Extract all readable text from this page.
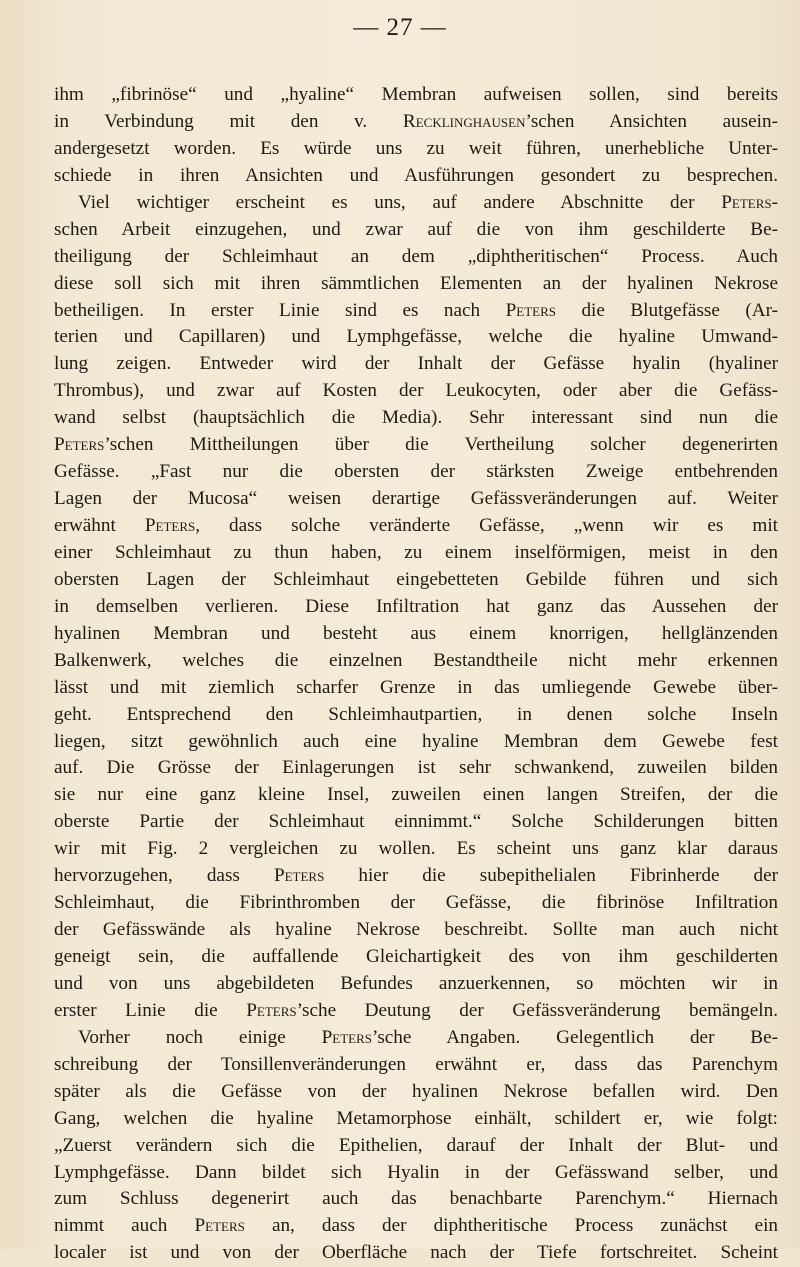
— 27 —
ihm „fibrinöse“ und „hyaline“ Membran aufweisen sollen, sind bereits
in Verbindung mit den v. Recklinghausen’schen Ansichten ausein-
andergesetzt worden. Es würde uns zu weit führen, unerhebliche Unter-
schiede in ihren Ansichten und Ausführungen gesondert zu besprechen.
Viel wichtiger erscheint es uns, auf andere Abschnitte der Peters-
schen Arbeit einzugehen, und zwar auf die von ihm geschilderte Be-
theiligung der Schleimhaut an dem „diphtheritischen“ Process. Auch
diese soll sich mit ihren sämmtlichen Elementen an der hyalinen Nekrose
betheiligen. In erster Linie sind es nach Peters die Blutgefässe (Ar-
terien und Capillaren) und Lymphgefässe, welche die hyaline Umwand-
lung zeigen. Entweder wird der Inhalt der Gefässe hyalin (hyaliner
Thrombus), und zwar auf Kosten der Leukocyten, oder aber die Gefäss-
wand selbst (hauptsächlich die Media). Sehr interessant sind nun die
Peters’schen Mittheilungen über die Vertheilung solcher degenerirten
Gefässe. „Fast nur die obersten der stärksten Zweige entbehrenden
Lagen der Mucosa“ weisen derartige Gefässveränderungen auf. Weiter
erwähnt Peters, dass solche veränderte Gefässe, „wenn wir es mit
einer Schleimhaut zu thun haben, zu einem inselförmigen, meist in den
obersten Lagen der Schleimhaut eingebetteten Gebilde führen und sich
in demselben verlieren. Diese Infiltration hat ganz das Aussehen der
hyalinen Membran und besteht aus einem knorrigen, hellglänzenden
Balkenwerk, welches die einzelnen Bestandtheile nicht mehr erkennen
lässt und mit ziemlich scharfer Grenze in das umliegende Gewebe über-
geht. Entsprechend den Schleimhautpartien, in denen solche Inseln
liegen, sitzt gewöhnlich auch eine hyaline Membran dem Gewebe fest
auf. Die Grösse der Einlagerungen ist sehr schwankend, zuweilen bilden
sie nur eine ganz kleine Insel, zuweilen einen langen Streifen, der die
oberste Partie der Schleimhaut einnimmt.“ Solche Schilderungen bitten
wir mit Fig. 2 vergleichen zu wollen. Es scheint uns ganz klar daraus
hervorzugehen, dass Peters hier die subepithelialen Fibrinherde der
Schleimhaut, die Fibrinthromben der Gefässe, die fibrinöse Infiltration
der Gefässwände als hyaline Nekrose beschreibt. Sollte man auch nicht
geneigt sein, die auffallende Gleichartigkeit des von ihm geschilderten
und von uns abgebildeten Befundes anzuerkennen, so möchten wir in
erster Linie die Peters’sche Deutung der Gefässveränderung bemängeln.
Vorher noch einige Peters’sche Angaben. Gelegentlich der Be-
schreibung der Tonsillenveränderungen erwähnt er, dass das Parenchym
später als die Gefässe von der hyalinen Nekrose befallen wird. Den
Gang, welchen die hyaline Metamorphose einhält, schildert er, wie folgt:
„Zuerst verändern sich die Epithelien, darauf der Inhalt der Blut- und
Lymphgefässe. Dann bildet sich Hyalin in der Gefässwand selber, und
zum Schluss degenerirt auch das benachbarte Parenchym.“ Hiernach
nimmt auch Peters an, dass der diphtheritische Process zunächst ein
localer ist und von der Oberfläche nach der Tiefe fortschreitet. Scheint
